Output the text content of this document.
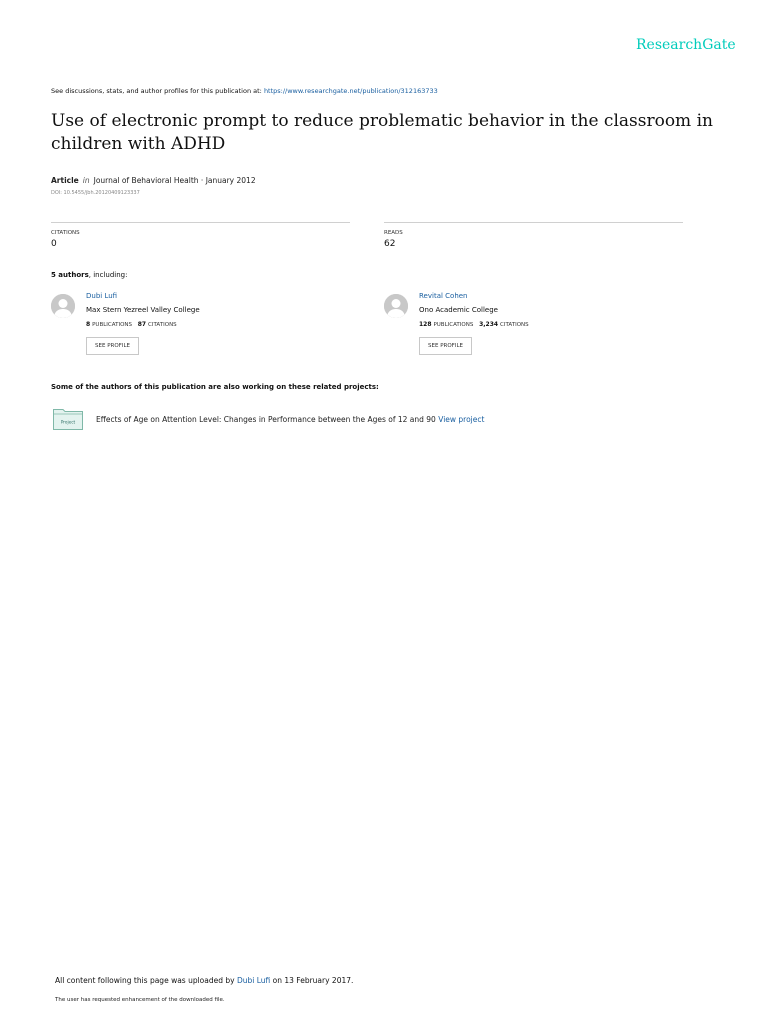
ResearchGate
See discussions, stats, and author profiles for this publication at: https://www.researchgate.net/publication/312163733
Use of electronic prompt to reduce problematic behavior in the classroom in children with ADHD
Article in Journal of Behavioral Health · January 2012
DOI: 10.5455/jbh.20120409123337
CITATIONS
0
READS
62
5 authors, including:
Dubi Lufi
Max Stern Yezreel Valley College
8 PUBLICATIONS 87 CITATIONS
SEE PROFILE
Revital Cohen
Ono Academic College
128 PUBLICATIONS 3,234 CITATIONS
SEE PROFILE
Some of the authors of this publication are also working on these related projects:
Project	Effects of Age on Attention Level: Changes in Performance between the Ages of 12 and 90 View project
All content following this page was uploaded by Dubi Lufi on 13 February 2017.
The user has requested enhancement of the downloaded file.
